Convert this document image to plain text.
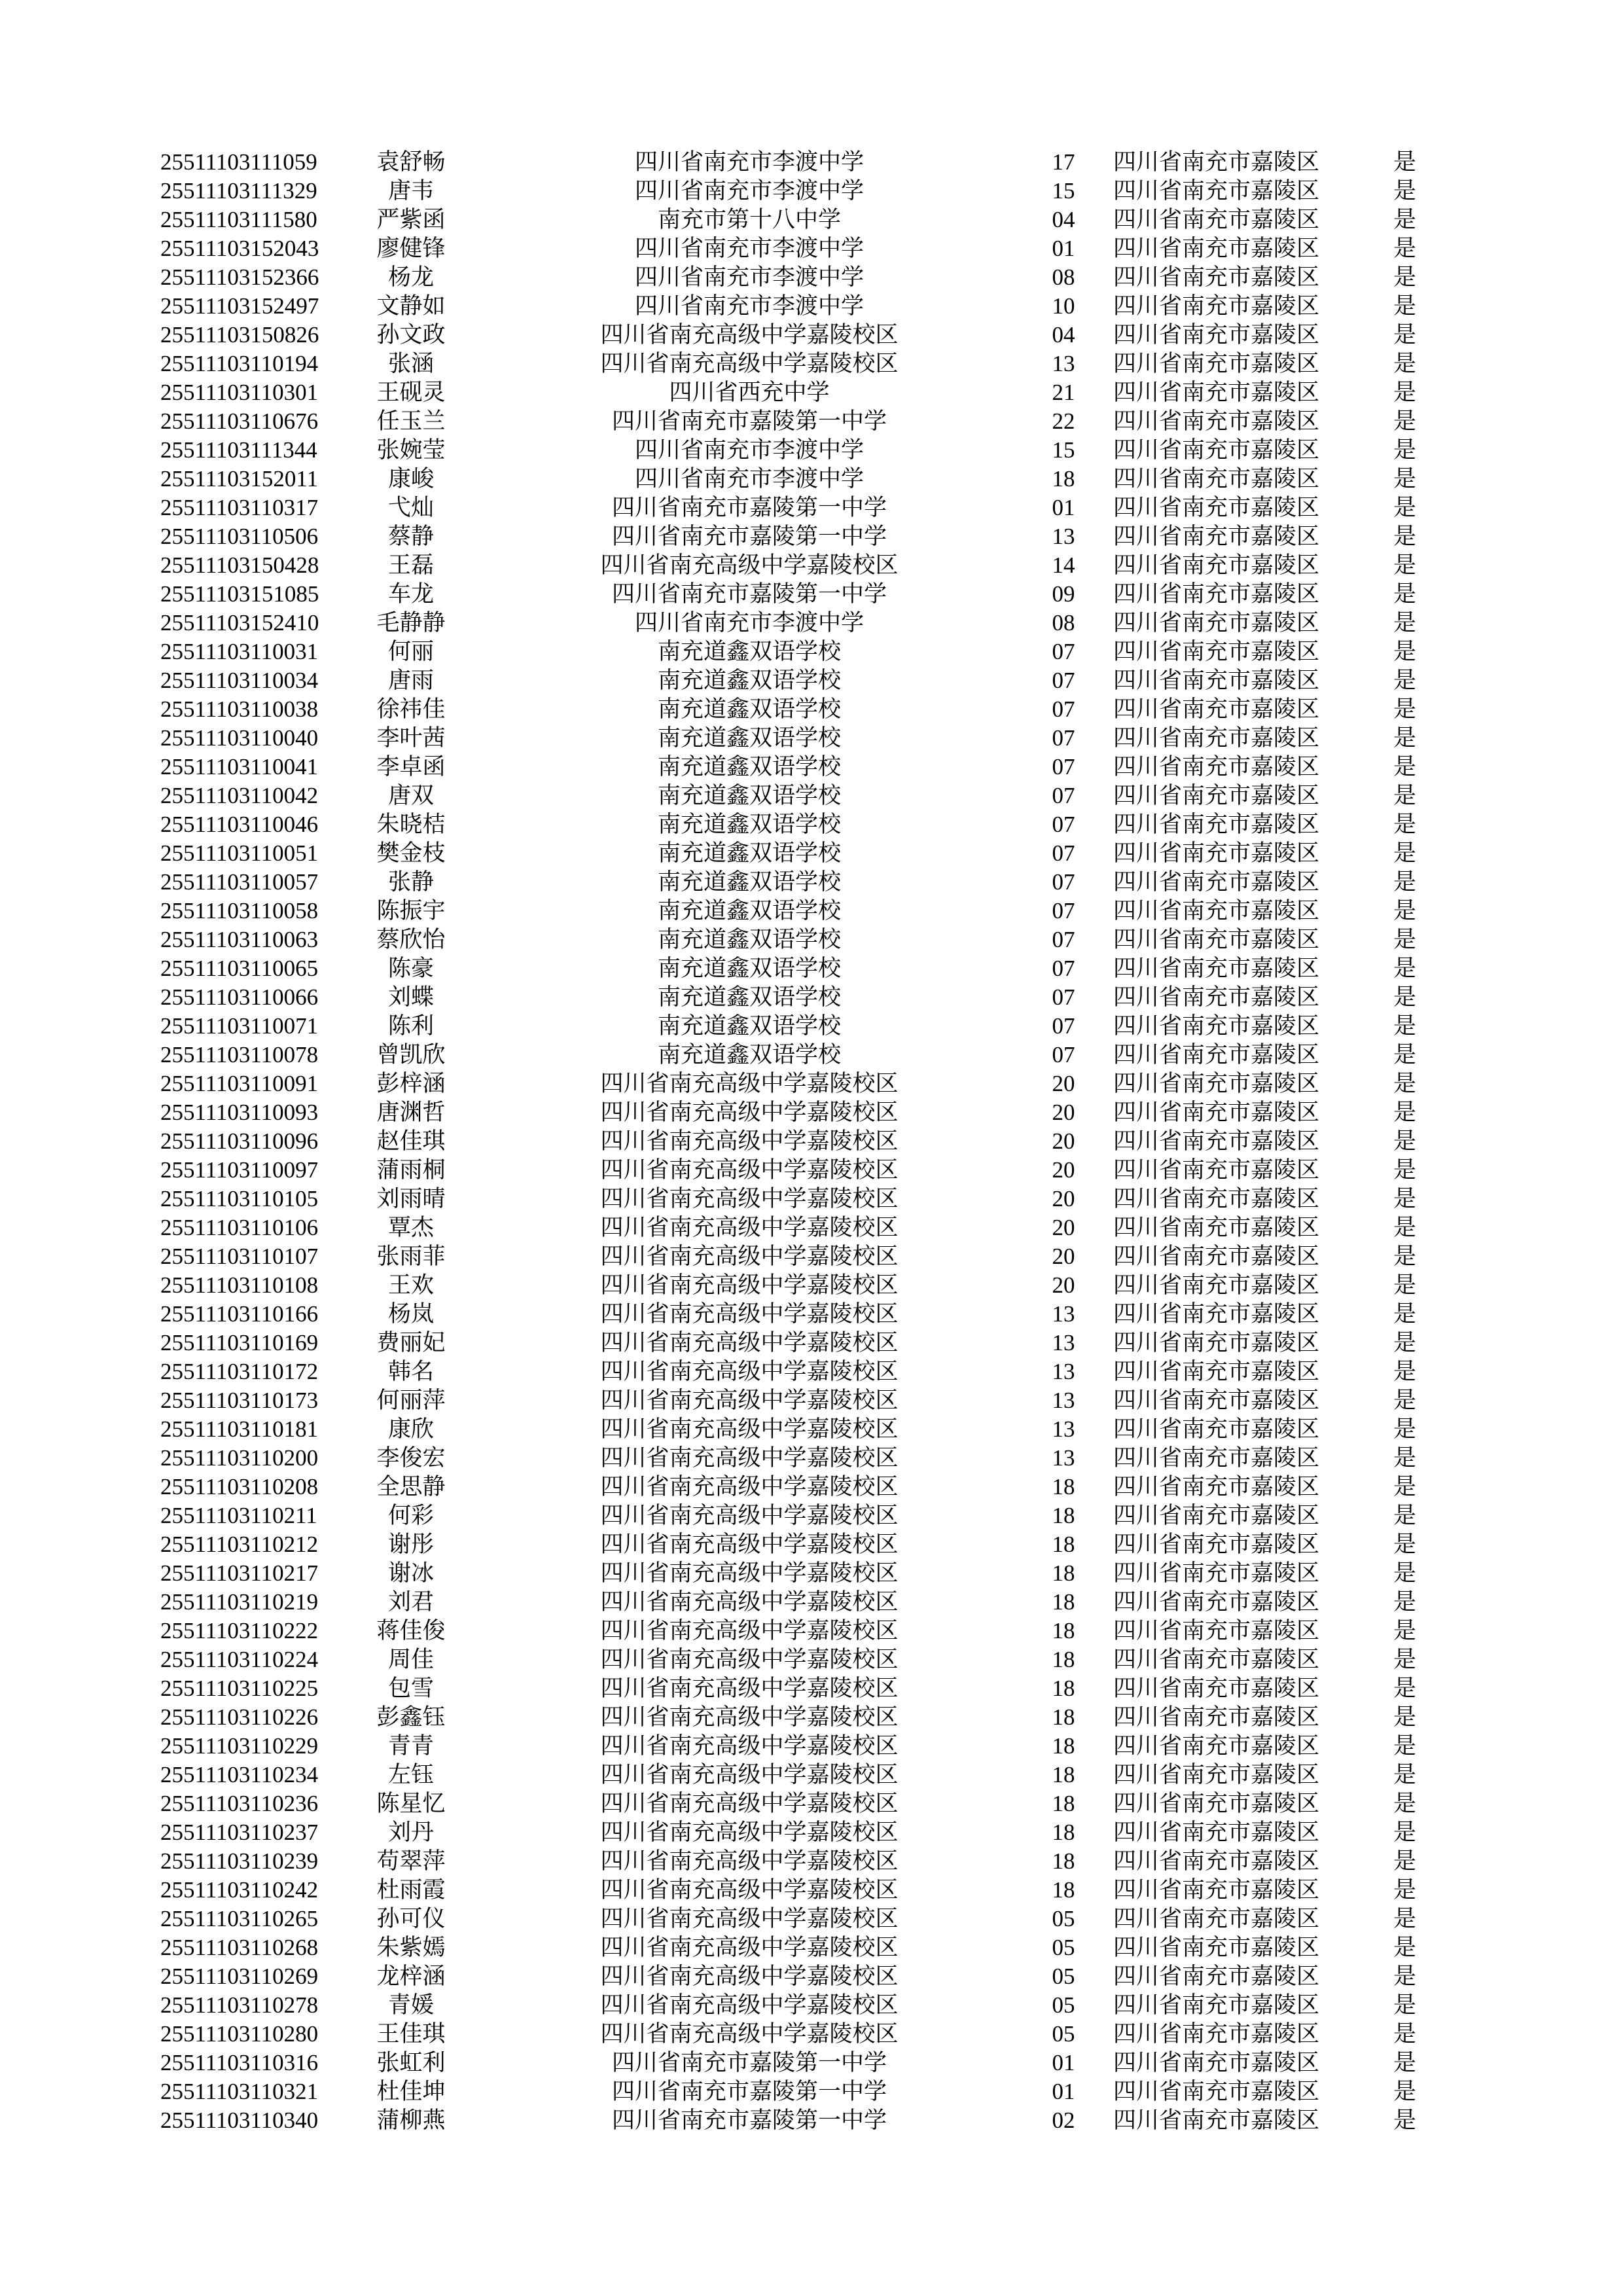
25511103111059	袁舒畅	四川省南充市李渡中学	17	四川省南充市嘉陵区	是
25511103111329	唐韦	四川省南充市李渡中学	15	四川省南充市嘉陵区	是
25511103111580	严紫函	南充市第十八中学	04	四川省南充市嘉陵区	是
25511103152043	廖健锋	四川省南充市李渡中学	01	四川省南充市嘉陵区	是
25511103152366	杨龙	四川省南充市李渡中学	08	四川省南充市嘉陵区	是
25511103152497	文静如	四川省南充市李渡中学	10	四川省南充市嘉陵区	是
25511103150826	孙文政	四川省南充高级中学嘉陵校区	04	四川省南充市嘉陵区	是
25511103110194	张涵	四川省南充高级中学嘉陵校区	13	四川省南充市嘉陵区	是
25511103110301	王砚灵	四川省西充中学	21	四川省南充市嘉陵区	是
25511103110676	任玉兰	四川省南充市嘉陵第一中学	22	四川省南充市嘉陵区	是
25511103111344	张婉莹	四川省南充市李渡中学	15	四川省南充市嘉陵区	是
25511103152011	康峻	四川省南充市李渡中学	18	四川省南充市嘉陵区	是
25511103110317	弋灿	四川省南充市嘉陵第一中学	01	四川省南充市嘉陵区	是
25511103110506	蔡静	四川省南充市嘉陵第一中学	13	四川省南充市嘉陵区	是
25511103150428	王磊	四川省南充高级中学嘉陵校区	14	四川省南充市嘉陵区	是
25511103151085	车龙	四川省南充市嘉陵第一中学	09	四川省南充市嘉陵区	是
25511103152410	毛静静	四川省南充市李渡中学	08	四川省南充市嘉陵区	是
25511103110031	何丽	南充道鑫双语学校	07	四川省南充市嘉陵区	是
25511103110034	唐雨	南充道鑫双语学校	07	四川省南充市嘉陵区	是
25511103110038	徐祎佳	南充道鑫双语学校	07	四川省南充市嘉陵区	是
25511103110040	李叶茜	南充道鑫双语学校	07	四川省南充市嘉陵区	是
25511103110041	李卓函	南充道鑫双语学校	07	四川省南充市嘉陵区	是
25511103110042	唐双	南充道鑫双语学校	07	四川省南充市嘉陵区	是
25511103110046	朱晓桔	南充道鑫双语学校	07	四川省南充市嘉陵区	是
25511103110051	樊金枝	南充道鑫双语学校	07	四川省南充市嘉陵区	是
25511103110057	张静	南充道鑫双语学校	07	四川省南充市嘉陵区	是
25511103110058	陈振宇	南充道鑫双语学校	07	四川省南充市嘉陵区	是
25511103110063	蔡欣怡	南充道鑫双语学校	07	四川省南充市嘉陵区	是
25511103110065	陈豪	南充道鑫双语学校	07	四川省南充市嘉陵区	是
25511103110066	刘蝶	南充道鑫双语学校	07	四川省南充市嘉陵区	是
25511103110071	陈利	南充道鑫双语学校	07	四川省南充市嘉陵区	是
25511103110078	曾凯欣	南充道鑫双语学校	07	四川省南充市嘉陵区	是
25511103110091	彭梓涵	四川省南充高级中学嘉陵校区	20	四川省南充市嘉陵区	是
25511103110093	唐渊哲	四川省南充高级中学嘉陵校区	20	四川省南充市嘉陵区	是
25511103110096	赵佳琪	四川省南充高级中学嘉陵校区	20	四川省南充市嘉陵区	是
25511103110097	蒲雨桐	四川省南充高级中学嘉陵校区	20	四川省南充市嘉陵区	是
25511103110105	刘雨晴	四川省南充高级中学嘉陵校区	20	四川省南充市嘉陵区	是
25511103110106	覃杰	四川省南充高级中学嘉陵校区	20	四川省南充市嘉陵区	是
25511103110107	张雨菲	四川省南充高级中学嘉陵校区	20	四川省南充市嘉陵区	是
25511103110108	王欢	四川省南充高级中学嘉陵校区	20	四川省南充市嘉陵区	是
25511103110166	杨岚	四川省南充高级中学嘉陵校区	13	四川省南充市嘉陵区	是
25511103110169	费丽妃	四川省南充高级中学嘉陵校区	13	四川省南充市嘉陵区	是
25511103110172	韩名	四川省南充高级中学嘉陵校区	13	四川省南充市嘉陵区	是
25511103110173	何丽萍	四川省南充高级中学嘉陵校区	13	四川省南充市嘉陵区	是
25511103110181	康欣	四川省南充高级中学嘉陵校区	13	四川省南充市嘉陵区	是
25511103110200	李俊宏	四川省南充高级中学嘉陵校区	13	四川省南充市嘉陵区	是
25511103110208	全思静	四川省南充高级中学嘉陵校区	18	四川省南充市嘉陵区	是
25511103110211	何彩	四川省南充高级中学嘉陵校区	18	四川省南充市嘉陵区	是
25511103110212	谢彤	四川省南充高级中学嘉陵校区	18	四川省南充市嘉陵区	是
25511103110217	谢冰	四川省南充高级中学嘉陵校区	18	四川省南充市嘉陵区	是
25511103110219	刘君	四川省南充高级中学嘉陵校区	18	四川省南充市嘉陵区	是
25511103110222	蒋佳俊	四川省南充高级中学嘉陵校区	18	四川省南充市嘉陵区	是
25511103110224	周佳	四川省南充高级中学嘉陵校区	18	四川省南充市嘉陵区	是
25511103110225	包雪	四川省南充高级中学嘉陵校区	18	四川省南充市嘉陵区	是
25511103110226	彭鑫钰	四川省南充高级中学嘉陵校区	18	四川省南充市嘉陵区	是
25511103110229	青青	四川省南充高级中学嘉陵校区	18	四川省南充市嘉陵区	是
25511103110234	左钰	四川省南充高级中学嘉陵校区	18	四川省南充市嘉陵区	是
25511103110236	陈星忆	四川省南充高级中学嘉陵校区	18	四川省南充市嘉陵区	是
25511103110237	刘丹	四川省南充高级中学嘉陵校区	18	四川省南充市嘉陵区	是
25511103110239	苟翠萍	四川省南充高级中学嘉陵校区	18	四川省南充市嘉陵区	是
25511103110242	杜雨霞	四川省南充高级中学嘉陵校区	18	四川省南充市嘉陵区	是
25511103110265	孙可仪	四川省南充高级中学嘉陵校区	05	四川省南充市嘉陵区	是
25511103110268	朱紫嫣	四川省南充高级中学嘉陵校区	05	四川省南充市嘉陵区	是
25511103110269	龙梓涵	四川省南充高级中学嘉陵校区	05	四川省南充市嘉陵区	是
25511103110278	青媛	四川省南充高级中学嘉陵校区	05	四川省南充市嘉陵区	是
25511103110280	王佳琪	四川省南充高级中学嘉陵校区	05	四川省南充市嘉陵区	是
25511103110316	张虹利	四川省南充市嘉陵第一中学	01	四川省南充市嘉陵区	是
25511103110321	杜佳坤	四川省南充市嘉陵第一中学	01	四川省南充市嘉陵区	是
25511103110340	蒲柳燕	四川省南充市嘉陵第一中学	02	四川省南充市嘉陵区	是
